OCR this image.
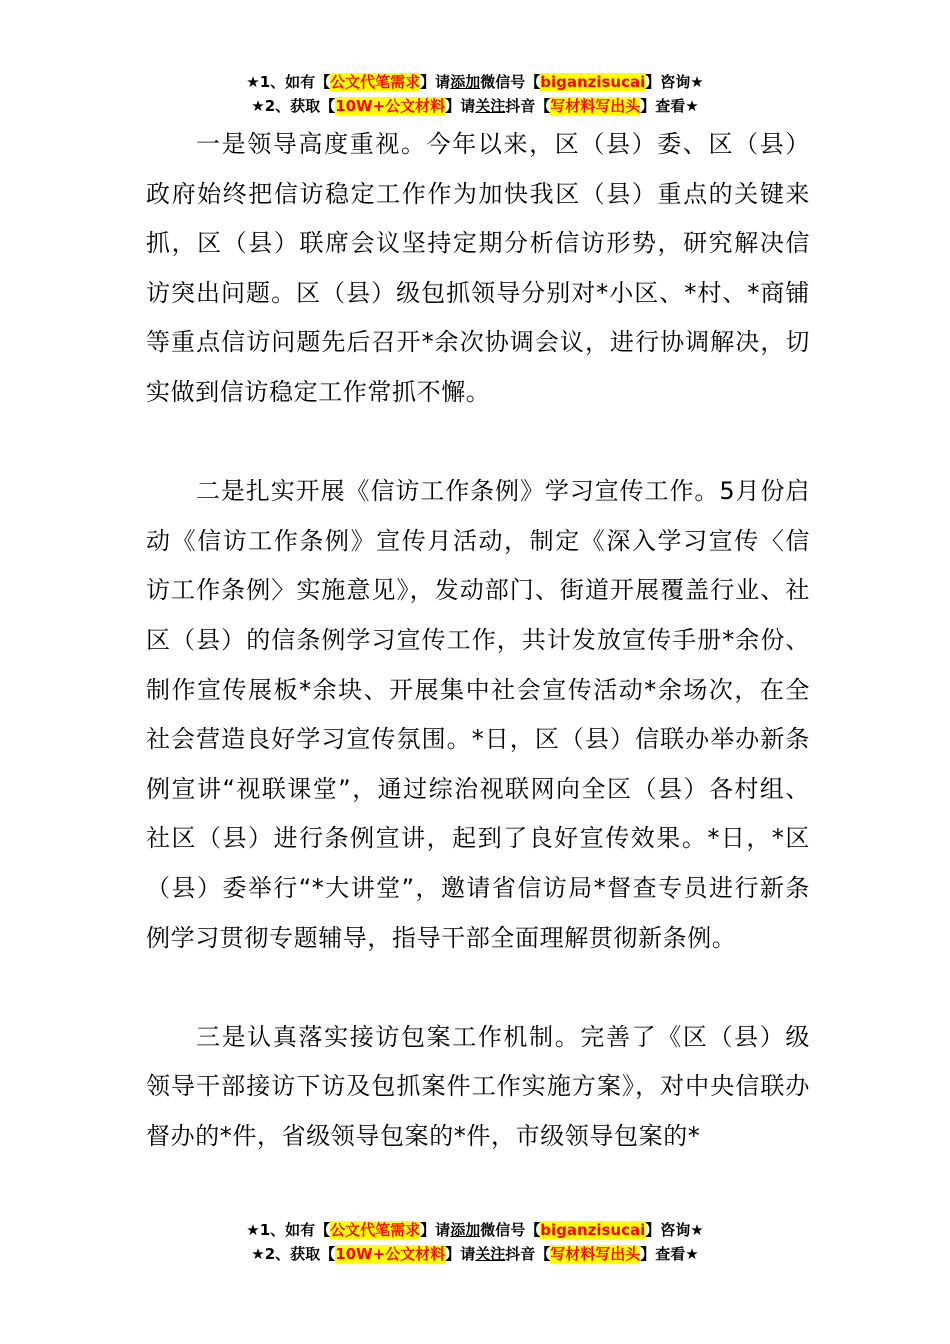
★1、如有【公文代笔需求】请添加微信号【biganzisucai】咨询★
★2、获取【10W+公文材料】请关注抖音【写材料写出头】查看★

一是领导高度重视。今年以来，区（县）委、区（县）政府始终把信访稳定工作作为加快我区（县）重点的关键来抓，区（县）联席会议坚持定期分析信访形势，研究解决信访突出问题。区（县）级包抓领导分别对*小区、*村、*商铺等重点信访问题先后召开*余次协调会议，进行协调解决，切实做到信访稳定工作常抓不懈。

二是扎实开展《信访工作条例》学习宣传工作。5月份启动《信访工作条例》宣传月活动，制定《深入学习宣传〈信访工作条例〉实施意见》，发动部门、街道开展覆盖行业、社区（县）的信条例学习宣传工作，共计发放宣传手册*余份、制作宣传展板*余块、开展集中社会宣传活动*余场次，在全社会营造良好学习宣传氛围。*日，区（县）信联办举办新条例宣讲“视联课堂”，通过综治视联网向全区（县）各村组、社区（县）进行条例宣讲，起到了良好宣传效果。*日，*区（县）委举行“*大讲堂”，邀请省信访局*督查专员进行新条例学习贯彻专题辅导，指导干部全面理解贯彻新条例。

三是认真落实接访包案工作机制。完善了《区（县）级领导干部接访下访及包抓案件工作实施方案》，对中央信联办督办的*件，省级领导包案的*件，市级领导包案的*

★1、如有【公文代笔需求】请添加微信号【biganzisucai】咨询★
★2、获取【10W+公文材料】请关注抖音【写材料写出头】查看★
